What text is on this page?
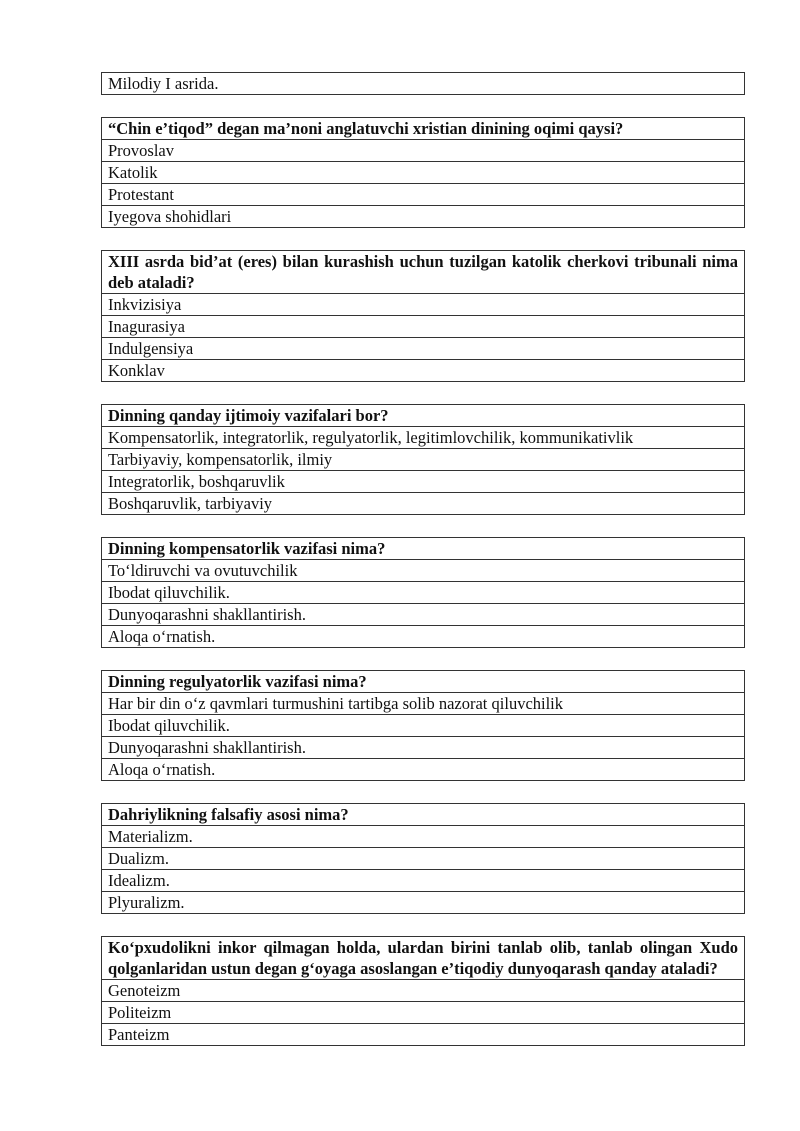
Milodiy I asrida.
“Chin e’tiqod” degan ma’noni anglatuvchi xristian dinining oqimi qaysi?
Provoslav
Katolik
Protestant
Iyegova shohidlari
XIII asrda bid’at (eres) bilan kurashish uchun tuzilgan katolik cherkovi tribunali nima deb ataladi?
Inkvizisiya
Inagurasiya
Indulgensiya
Konklav
Dinning qanday ijtimoiy vazifalari bor?
Kompensatorlik, integratorlik, regulyatorlik, legitimlovchilik, kommunikativlik
Tarbiyaviy, kompensatorlik, ilmiy
Integratorlik, boshqaruvlik
Boshqaruvlik, tarbiyaviy
Dinning kompensatorlik vazifasi nima?
To‘ldiruvchi va ovutuvchilik
Ibodat qiluvchilik.
Dunyoqarashni shakllantirish.
Aloqa o‘rnatish.
Dinning regulyatorlik vazifasi nima?
Har bir din o‘z qavmlari turmushini tartibga solib nazorat qiluvchilik
Ibodat qiluvchilik.
Dunyoqarashni shakllantirish.
Aloqa o‘rnatish.
Dahriylikning falsafiy asosi nima?
Materializm.
Dualizm.
Idealizm.
Plyuralizm.
Ko‘pxudolikni inkor qilmagan holda, ulardan birini tanlab olib, tanlab olingan Xudo qolganlaridan ustun degan g‘oyaga asoslangan e’tiqodiy dunyoqarash qanday ataladi?
Genoteizm
Politeizm
Panteizm
